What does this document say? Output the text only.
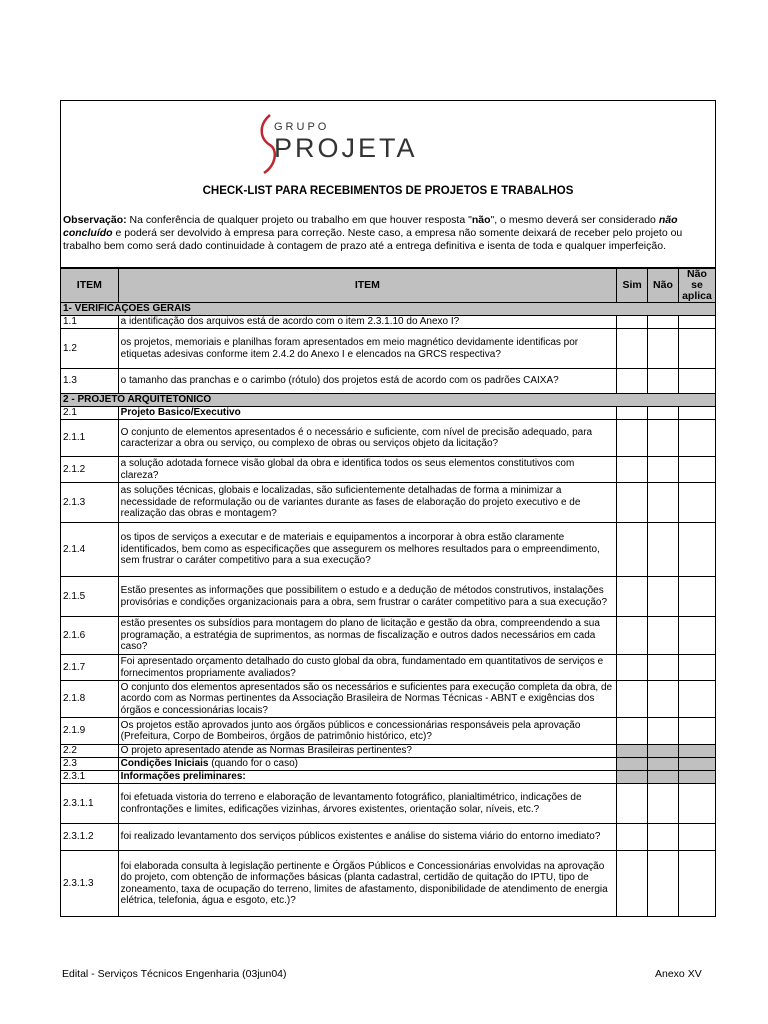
GRUPO
PROJETA
CHECK-LIST PARA RECEBIMENTOS DE PROJETOS E TRABALHOS
Observação: Na conferência de qualquer projeto ou trabalho em que houver resposta "não", o mesmo deverá ser considerado não concluído e poderá ser devolvido à empresa para correção. Neste caso, a empresa não somente deixará de receber pelo projeto ou trabalho bem como será dado continuidade à contagem de prazo até a entrega definitiva e isenta de toda e qualquer imperfeição.
ITEM	ITEM	Sim	Não	Não se aplica
1- VERIFICAÇOES GERAIS				
1.1	a identificação dos arquivos está de acordo com o item 2.3.1.10 do Anexo I?			
1.2	os projetos, memoriais e planilhas foram apresentados em meio magnético devidamente identificas por etiquetas adesivas conforme item 2.4.2 do Anexo I e elencados na GRCS respectiva?			
1.3	o tamanho das pranchas e o carimbo (rótulo) dos projetos está de acordo com os padrões CAIXA?			
2 - PROJETO ARQUITETONICO				
2.1	Projeto Basico/Executivo			
2.1.1	O conjunto de elementos apresentados é o necessário e suficiente, com nível de precisão adequado, para caracterizar a obra ou serviço, ou complexo de obras ou serviços objeto da licitação?			
2.1.2	a solução adotada fornece visão global da obra e identifica todos os seus elementos constitutivos com clareza?			
2.1.3	as soluções técnicas, globais e localizadas, são suficientemente detalhadas de forma a minimizar a necessidade de reformulação ou de variantes durante as fases de elaboração do projeto executivo e de realização das obras e montagem?			
2.1.4	os tipos de serviços a executar e de materiais e equipamentos a incorporar à obra estão claramente identificados, bem como as especificações que assegurem os melhores resultados para o empreendimento, sem frustrar o caráter competitivo para a sua execução?			
2.1.5	Estão presentes as informações que possibilitem o estudo e a dedução de métodos construtivos, instalações provisórias e condições organizacionais para a obra, sem frustrar o caráter competitivo para a sua execução?			
2.1.6	estão presentes os subsídios para montagem do plano de licitação e gestão da obra, compreendendo a sua programação, a estratégia de suprimentos, as normas de fiscalização e outros dados necessários em cada caso?			
2.1.7	Foi apresentado orçamento detalhado do custo global da obra, fundamentado em quantitativos de serviços e fornecimentos propriamente avaliados?			
2.1.8	O conjunto dos elementos apresentados são os necessários e suficientes para execução completa da obra, de acordo com as Normas pertinentes da Associação Brasileira de Normas Técnicas - ABNT e exigências dos órgãos e concessionárias locais?			
2.1.9	Os projetos estão aprovados junto aos órgãos públicos e concessionárias responsáveis pela aprovação (Prefeitura, Corpo de Bombeiros, órgãos de patrimônio histórico, etc)?			
2.2	O projeto apresentado atende as Normas Brasileiras pertinentes?			
2.3	Condições Iniciais (quando for o caso)			
2.3.1	Informações preliminares:			
2.3.1.1	foi efetuada vistoria do terreno e elaboração de levantamento fotográfico, planialtimétrico, indicações de confrontações e limites, edificações vizinhas, árvores existentes, orientação solar, níveis, etc.?			
2.3.1.2	foi realizado levantamento dos serviços públicos existentes e análise do sistema viário do entorno imediato?			
2.3.1.3	foi elaborada consulta à legislação pertinente e Órgãos Públicos e Concessionárias envolvidas na aprovação do projeto, com obtenção de informações básicas (planta cadastral, certidão de quitação do IPTU, tipo de zoneamento, taxa de ocupação do terreno, limites de afastamento, disponibilidade de atendimento de energia elétrica, telefonia, água e esgoto, etc.)?			
Edital - Serviços Técnicos Engenharia (03jun04)	Anexo XV
